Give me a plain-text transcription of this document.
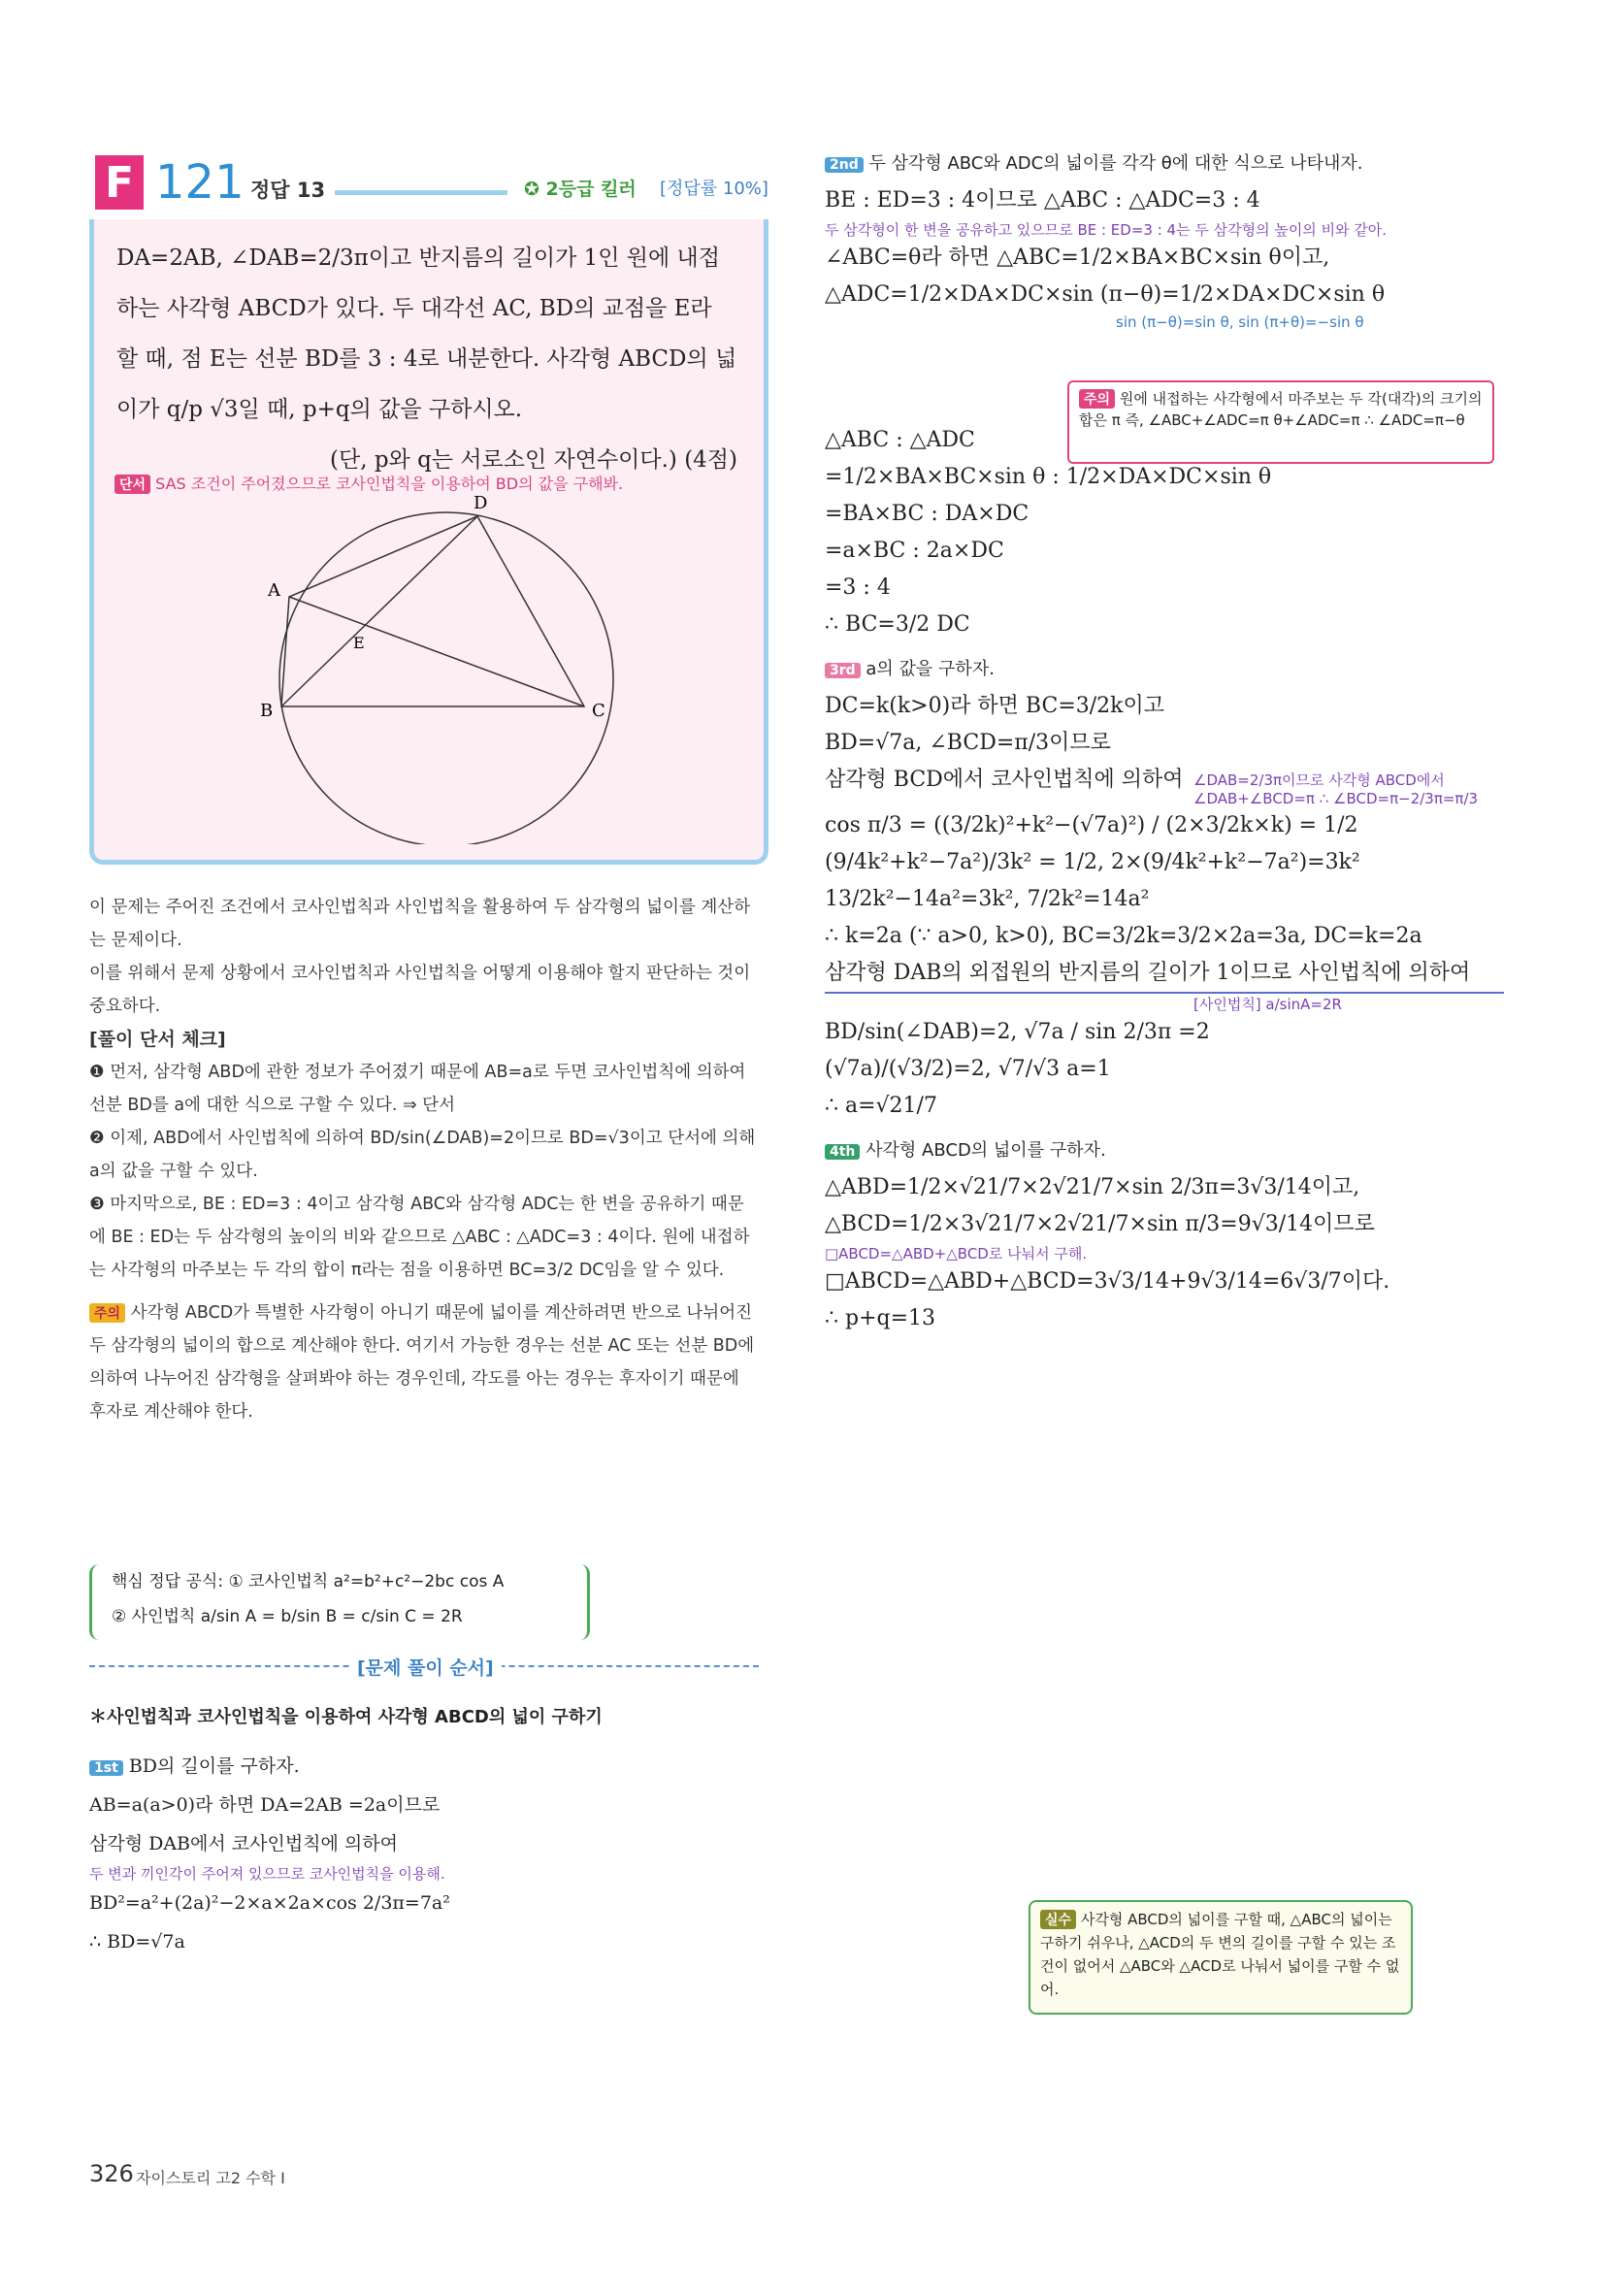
F 121 정답 13	✪ 2등급 킬러 [정답률 10%]
DA=2AB, ∠DAB=2/3π이고 반지름의 길이가 1인 원에 내접
하는 사각형 ABCD가 있다. 두 대각선 AC, BD의 교점을 E라
할 때, 점 E는 선분 BD를 3 : 4로 내분한다. 사각형 ABCD의 넓
이가 q/p √3일 때, p+q의 값을 구하시오.
(단, p와 q는 서로소인 자연수이다.) (4점)
단서 SAS 조건이 주어졌으므로 코사인법칙을 이용하여 BD의 값을 구해봐.
D
A
E
B	C

이 문제는 주어진 조건에서 코사인법칙과 사인법칙을 활용하여 두 삼각형의 넓이를 계산하는 문제이다.

이를 위해서 문제 상황에서 코사인법칙과 사인법칙을 어떻게 이용해야 할지 판단하는 것이 중요하다.

[풀이 단서 체크]

❶ 먼저, 삼각형 ABD에 관한 정보가 주어졌기 때문에 AB=a로 두면 코사인법칙에 의하여 선분 BD를 a에 대한 식으로 구할 수 있다. ⇒ 단서

❷ 이제, ABD에서 사인법칙에 의하여 BD/sin(∠DAB)=2이므로 BD=√3이고 단서에 의해 a의 값을 구할 수 있다.

❸ 마지막으로, BE : ED=3 : 4이고 삼각형 ABC와 삼각형 ADC는 한 변을 공유하기 때문에 BE : ED는 두 삼각형의 높이의 비와 같으므로 △ABC : △ADC=3 : 4이다. 원에 내접하는 사각형의 마주보는 두 각의 합이 π라는 점을 이용하면 BC=3/2 DC임을 알 수 있다.

주의 사각형 ABCD가 특별한 사각형이 아니기 때문에 넓이를 계산하려면 반으로 나뉘어진 두 삼각형의 넓이의 합으로 계산해야 한다. 여기서 가능한 경우는 선분 AC 또는 선분 BD에 의하여 나누어진 삼각형을 살펴봐야 하는 경우인데, 각도를 아는 경우는 후자이기 때문에 후자로 계산해야 한다.

핵심 정답 공식: ① 코사인법칙 a²=b²+c²−2bc cos A
② 사인법칙 a/sin A = b/sin B = c/sin C = 2R
[문제 풀이 순서]

＊사인법칙과 코사인법칙을 이용하여 사각형 ABCD의 넓이 구하기

1st BD의 길이를 구하자.

AB=a(a>0)라 하면 DA=2AB =2a이므로

삼각형 DAB에서 코사인법칙에 의하여

두 변과 끼인각이 주어져 있으므로 코사인법칙을 이용해.

BD²=a²+(2a)²−2×a×2a×cos 2/3π=7a²

∴ BD=√7a

2nd 두 삼각형 ABC와 ADC의 넓이를 각각 θ에 대한 식으로 나타내자.

BE : ED=3 : 4이므로 △ABC : △ADC=3 : 4

두 삼각형이 한 변을 공유하고 있으므로 BE : ED=3 : 4는 두 삼각형의 높이의 비와 같아.

∠ABC=θ라 하면 △ABC=1/2×BA×BC×sin θ이고,

△ADC=1/2×DA×DC×sin (π−θ)=1/2×DA×DC×sin θ

sin (π−θ)=sin θ, sin (π+θ)=−sin θ

△ABC : △ADC

=1/2×BA×BC×sin θ : 1/2×DA×DC×sin θ

=BA×BC : DA×DC

=a×BC : 2a×DC

=3 : 4

∴ BC=3/2 DC

3rd a의 값을 구하자.

DC=k(k>0)라 하면 BC=3/2k이고

BD=√7a, ∠BCD=π/3이므로

삼각형 BCD에서 코사인법칙에 의하여 ∠DAB=2/3π이므로 사각형 ABCD에서 ∠DAB+∠BCD=π ∴ ∠BCD=π−2/3π=π/3

cos π/3 = ((3/2k)²+k²−(√7a)²) / (2×3/2k×k) = 1/2

(9/4k²+k²−7a²)/3k² = 1/2, 2×(9/4k²+k²−7a²)=3k²

13/2k²−14a²=3k², 7/2k²=14a²

∴ k=2a (∵ a>0, k>0), BC=3/2k=3/2×2a=3a, DC=k=2a

삼각형 DAB의 외접원의 반지름의 길이가 1이므로 사인법칙에 의하여

[사인법칙] a/sinA=2R

BD/sin(∠DAB)=2, √7a / sin 2/3π =2

(√7a)/(√3/2)=2, √7/√3 a=1

∴ a=√21/7

4th 사각형 ABCD의 넓이를 구하자.

△ABD=1/2×√21/7×2√21/7×sin 2/3π=3√3/14이고,

△BCD=1/2×3√21/7×2√21/7×sin π/3=9√3/14이므로

□ABCD=△ABD+△BCD로 나눠서 구해.

□ABCD=△ABD+△BCD=3√3/14+9√3/14=6√3/7이다.

∴ p+q=13

주의 원에 내접하는 사각형에서 마주보는 두 각(대각)의 크기의 합은 π 즉, ∠ABC+∠ADC=π θ+∠ADC=π ∴ ∠ADC=π−θ
실수 사각형 ABCD의 넓이를 구할 때, △ABC의 넓이는 구하기 쉬우나, △ACD의 두 변의 길이를 구할 수 있는 조건이 없어서 △ABC와 △ACD로 나눠서 넓이를 구할 수 없어.
326 자이스토리 고2 수학 Ⅰ
